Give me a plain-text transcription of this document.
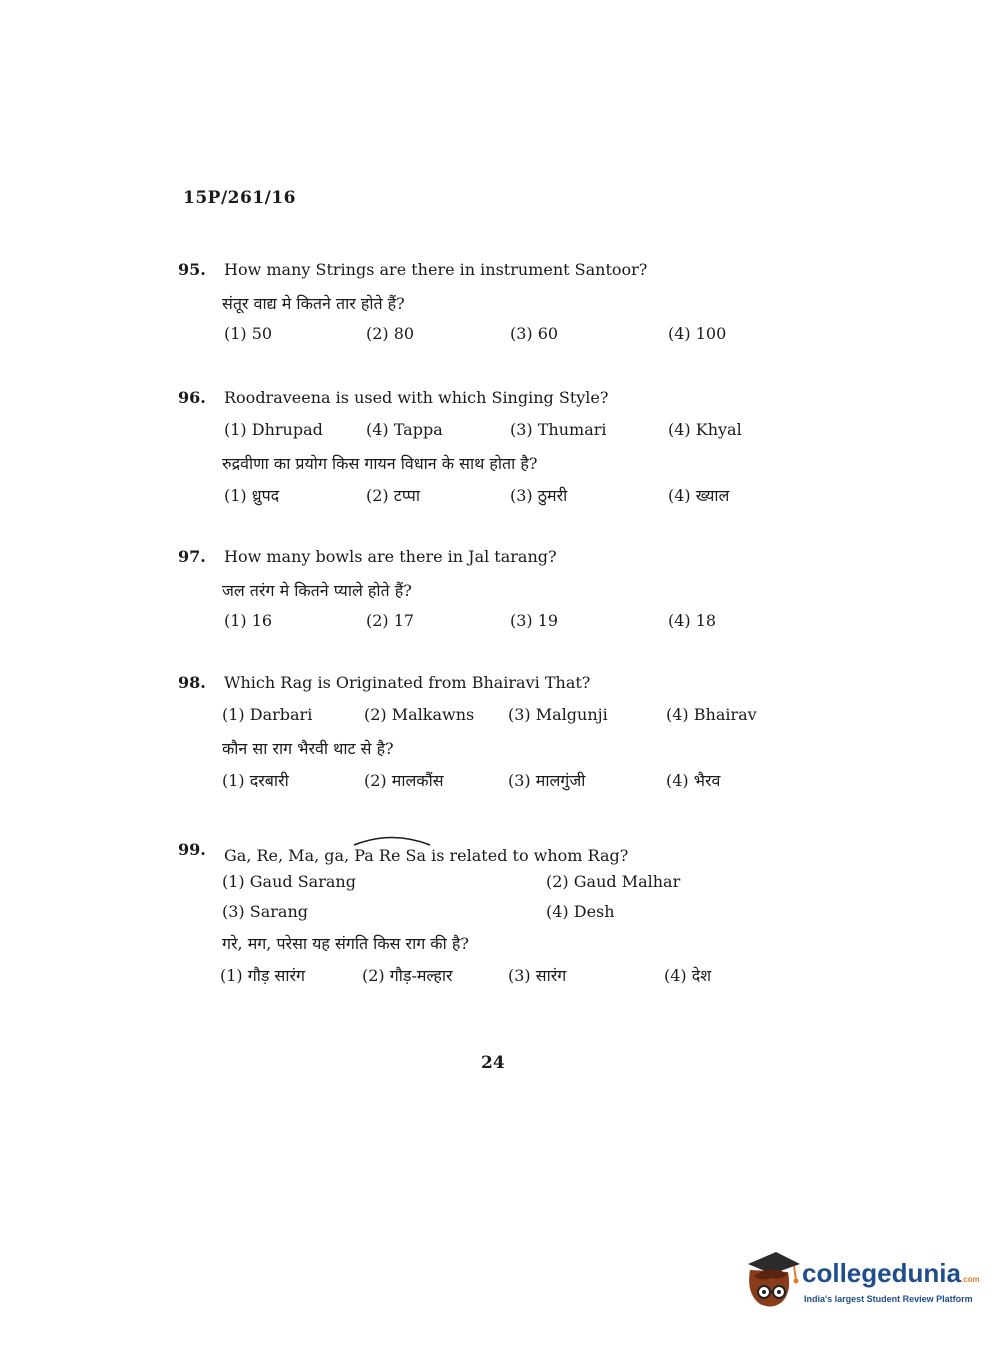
15P/261/16
95. How many Strings are there in instrument Santoor?
संतूर वाद्य मे कितने तार होते हैं?
(1) 50	(2) 80	(3) 60	(4) 100
96. Roodraveena is used with which Singing Style?
(1) Dhrupad	(4) Tappa	(3) Thumari	(4) Khyal
रुद्रवीणा का प्रयोग किस गायन विधान के साथ होता है?
(1) ध्रुपद	(2) टप्पा	(3) ठुमरी	(4) ख्याल
97. How many bowls are there in Jal tarang?
जल तरंग मे कितने प्याले होते हैं?
(1) 16	(2) 17	(3) 19	(4) 18
98. Which Rag is Originated from Bhairavi That?
(1) Darbari	(2) Malkawns (3) Malgunji	(4) Bhairav
कौन सा राग भैरवी थाट से है?
(1) दरबारी	(2) मालकौंस	(3) मालगुंजी	(4) भैरव
99. Ga, Re, Ma, ga, Pa Re Sa is related to whom Rag?
(1) Gaud Sarang	(2) Gaud Malhar
(3) Sarang	(4) Desh
गरे, मग, परेसा यह संगति किस राग की है?
(1) गौड़ सारंग	(2) गौड़-मल्हार	(3) सारंग	(4) देश
24
collegedunia.com
India's largest Student Review Platform
